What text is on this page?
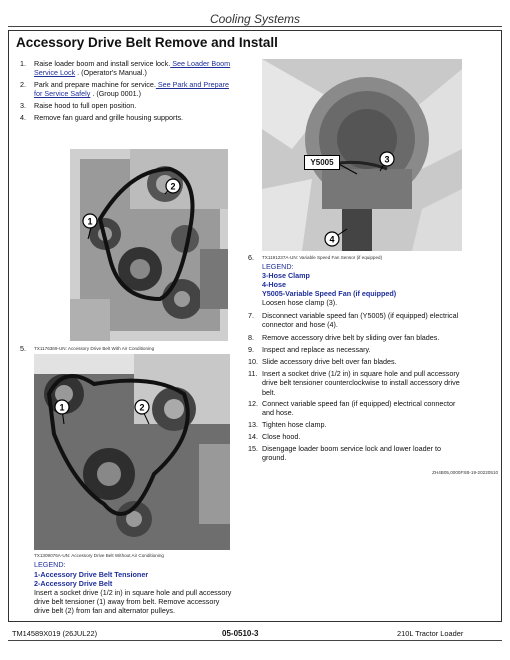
Cooling Systems
Accessory Drive Belt Remove and Install
1. Raise loader boom and install service lock. See Loader Boom
Service Lock . (Operator's Manual.)
2. Park and prepare machine for service. See Park and Prepare
for Service Safely . (Group 0001.)
3. Raise hood to full open position.
4. Remove fan guard and grille housing supports.
1
2
5. TX1176369-UN: Accessory Drive Belt With Air Conditioning
1	2
TX1309076A-UN: Accessory Drive Belt Without Air Conditioning
LEGEND:
1-Accessory Drive Belt Tensioner
2-Accessory Drive Belt
Insert a socket drive (1/2 in) in square hole and pull accessory
drive belt tensioner (1) away from belt. Remove accessory
drive belt (2) from fan and alternator pulleys.
Y5005	3
4
6. TX1191237A-UN: Variable Speed Fan Sensor (if equipped)
LEGEND:
3-Hose Clamp
4-Hose
Y5005-Variable Speed Fan (if equipped)
Loosen hose clamp (3).
7. Disconnect variable speed fan (Y5005) (if equipped) electrical
connector and hose (4).
8. Remove accessory drive belt by sliding over fan blades.
9. Inspect and replace as necessary.
10. Slide accessory drive belt over fan blades.
11. Insert a socket drive (1/2 in) in square hole and pull accessory
drive belt tensioner counterclockwise to install accessory drive
belt.
12. Connect variable speed fan (if equipped) electrical connector
and hose.
13. Tighten hose clamp.
14. Close hood.
15. Disengage loader boom service lock and lower loader to
ground.
ZH4B05,0000FSB-19-20220510
TM14589X019 (26JUL22)	05-0510-3	210L Tractor Loader
